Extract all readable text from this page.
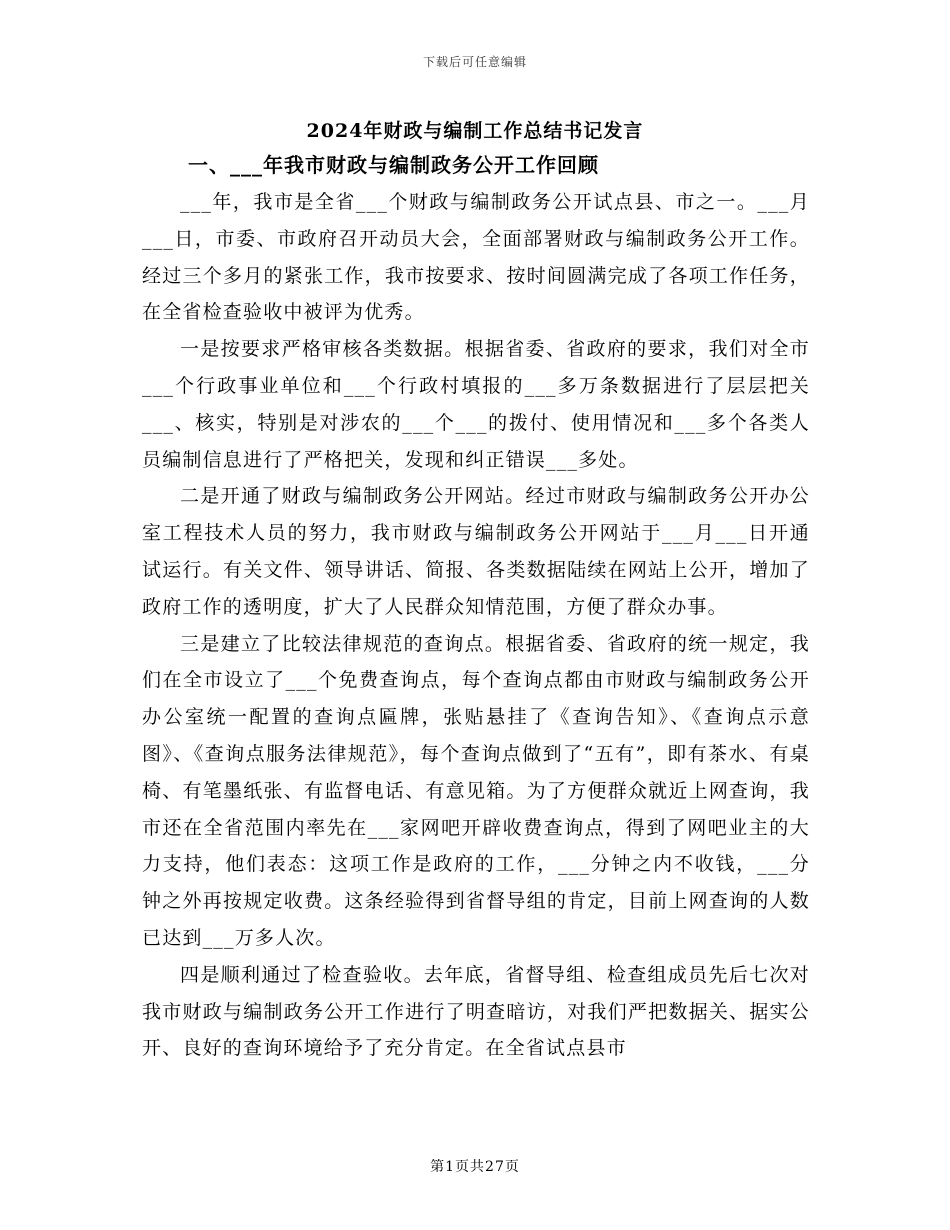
下载后可任意编辑
2024年财政与编制工作总结书记发言
一、___年我市财政与编制政务公开工作回顾

___年，我市是全省___个财政与编制政务公开试点县、市之一。___月___日，市委、市政府召开动员大会，全面部署财政与编制政务公开工作。经过三个多月的紧张工作，我市按要求、按时间圆满完成了各项工作任务，在全省检查验收中被评为优秀。

一是按要求严格审核各类数据。根据省委、省政府的要求，我们对全市___个行政事业单位和___个行政村填报的___多万条数据进行了层层把关___、核实，特别是对涉农的___个___的拨付、使用情况和___多个各类人员编制信息进行了严格把关，发现和纠正错误___多处。

二是开通了财政与编制政务公开网站。经过市财政与编制政务公开办公室工程技术人员的努力，我市财政与编制政务公开网站于___月___日开通试运行。有关文件、领导讲话、简报、各类数据陆续在网站上公开，增加了政府工作的透明度，扩大了人民群众知情范围，方便了群众办事。

三是建立了比较法律规范的查询点。根据省委、省政府的统一规定，我们在全市设立了___个免费查询点，每个查询点都由市财政与编制政务公开办公室统一配置的查询点匾牌，张贴悬挂了《查询告知》、《查询点示意图》、《查询点服务法律规范》，每个查询点做到了“五有”，即有茶水、有桌椅、有笔墨纸张、有监督电话、有意见箱。为了方便群众就近上网查询，我市还在全省范围内率先在___家网吧开辟收费查询点，得到了网吧业主的大力支持，他们表态：这项工作是政府的工作，___分钟之内不收钱，___分钟之外再按规定收费。这条经验得到省督导组的肯定，目前上网查询的人数已达到___万多人次。

四是顺利通过了检查验收。去年底，省督导组、检查组成员先后七次对我市财政与编制政务公开工作进行了明查暗访，对我们严把数据关、据实公开、良好的查询环境给予了充分肯定。在全省试点县市

第1页共27页
